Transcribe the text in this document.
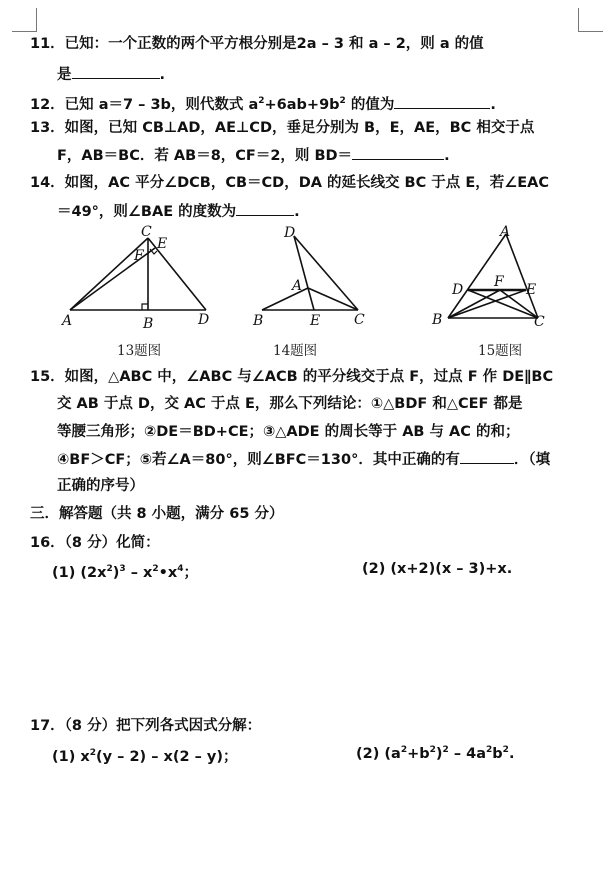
11．已知：一个正数的两个平方根分别是2a – 3 和 a – 2，则 a 的值
是	.
12．已知 a＝7 – 3b，则代数式 $a^2+6ab+9b^2$ 的值为	.
13．如图，已知 CB⊥AD，AE⊥CD，垂足分别为 B，E，AE，BC 相交于点
F，AB＝BC．若 AB＝8，CF＝2，则 BD＝	.
14．如图，AC 平分∠DCB，CB＝CD，DA 的延长线交 BC 于点 E，若∠EAC
＝49°，则∠BAE 的度数为	.
C
E
F
A	B	D
13题图
D
A
B	E C
14题图
A
D F E
B	C
15题图
15．如图，△ABC 中，∠ABC 与∠ACB 的平分线交于点 F，过点 F 作 DE∥BC
交 AB 于点 D，交 AC 于点 E，那么下列结论：①△BDF 和△CEF 都是
等腰三角形；②DE＝BD+CE；③△ADE 的周长等于 AB 与 AC 的和；
④BF＞CF；⑤若∠A＝80°，则∠BFC＝130°．其中正确的有	．（填
正确的序号）
三．解答题（共 8 小题，满分 65 分）
16．（8 分）化简：
(1) $(2x^2)^3$ – $x^2•x^4$；	(2) (x+2)(x – 3)+x.
17．（8 分）把下列各式因式分解：
(1) $x^2(y - 2) - x(2 - y)$；	(2) $(a^2+b^2)^2 - 4a^2b^2$.
